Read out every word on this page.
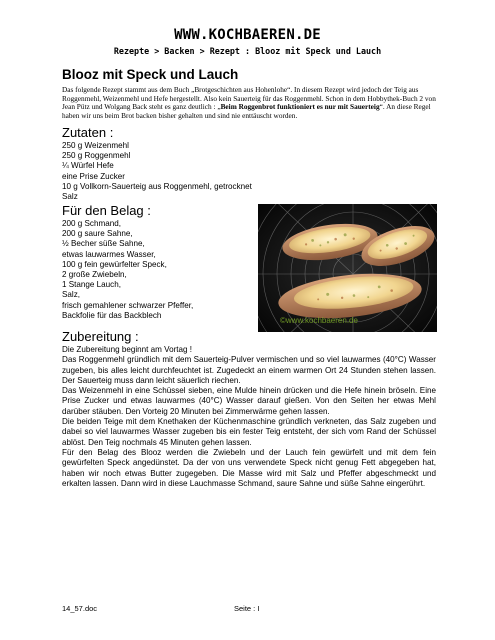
WWW.KOCHBAEREN.DE
Rezepte > Backen > Rezept : Blooz mit Speck und Lauch
Blooz mit Speck und Lauch
Das folgende Rezept stammt aus dem Buch „Brotgeschichten aus Hohenlohe“. In diesem Rezept wird jedoch der Teig aus Roggenmehl, Weizenmehl und Hefe hergestellt. Also kein Sauerteig für das Roggenmehl. Schon in dem Hobbythek-Buch 2 von Jean Pütz und Wolgang Back steht es ganz deutlich : „Beim Roggenbrot funktioniert es nur mit Sauerteig“. An diese Regel haben wir uns beim Brot backen bisher gehalten und sind nie enttäuscht worden.
Zutaten :
250 g Weizenmehl
250 g Roggenmehl
¼ Würfel Hefe
eine Prise Zucker
10 g Vollkorn-Sauerteig aus Roggenmehl, getrocknet
Salz
Für den Belag :
200 g Schmand,
200 g saure Sahne,
½ Becher süße Sahne,
etwas lauwarmes Wasser,
100 g fein gewürfelter Speck,
2 große Zwiebeln,
1 Stange Lauch,
Salz,
frisch gemahlener schwarzer Pfeffer,
Backfolie für das Backblech
©www.kochbaeren.de
Zubereitung :

Die Zubereitung beginnt am Vortag !

Das Roggenmehl gründlich mit dem Sauerteig-Pulver vermischen und so viel lauwarmes (40°C) Wasser zugeben, bis alles leicht durchfeuchtet ist. Zugedeckt an einem warmen Ort 24 Stunden stehen lassen. Der Sauerteig muss dann leicht säuerlich riechen.

Das Weizenmehl in eine Schüssel sieben, eine Mulde hinein drücken und die Hefe hinein bröseln. Eine Prise Zucker und etwas lauwarmes (40°C) Wasser darauf gießen. Von den Seiten her etwas Mehl darüber stäuben. Den Vorteig 20 Minuten bei Zimmerwärme gehen lassen.

Die beiden Teige mit dem Knethaken der Küchenmaschine gründlich verkneten, das Salz zugeben und dabei so viel lauwarmes Wasser zugeben bis ein fester Teig entsteht, der sich vom Rand der Schüssel ablöst. Den Teig nochmals 45 Minuten gehen lassen.

Für den Belag des Blooz werden die Zwiebeln und der Lauch fein gewürfelt und mit dem fein gewürfelten Speck angedünstet. Da der von uns verwendete Speck nicht genug Fett abgegeben hat, haben wir noch etwas Butter zugegeben. Die Masse wird mit Salz und Pfeffer abgeschmeckt und erkalten lassen. Dann wird in diese Lauchmasse Schmand, saure Sahne und süße Sahne eingerührt.

14_57.doc	Seite : I
